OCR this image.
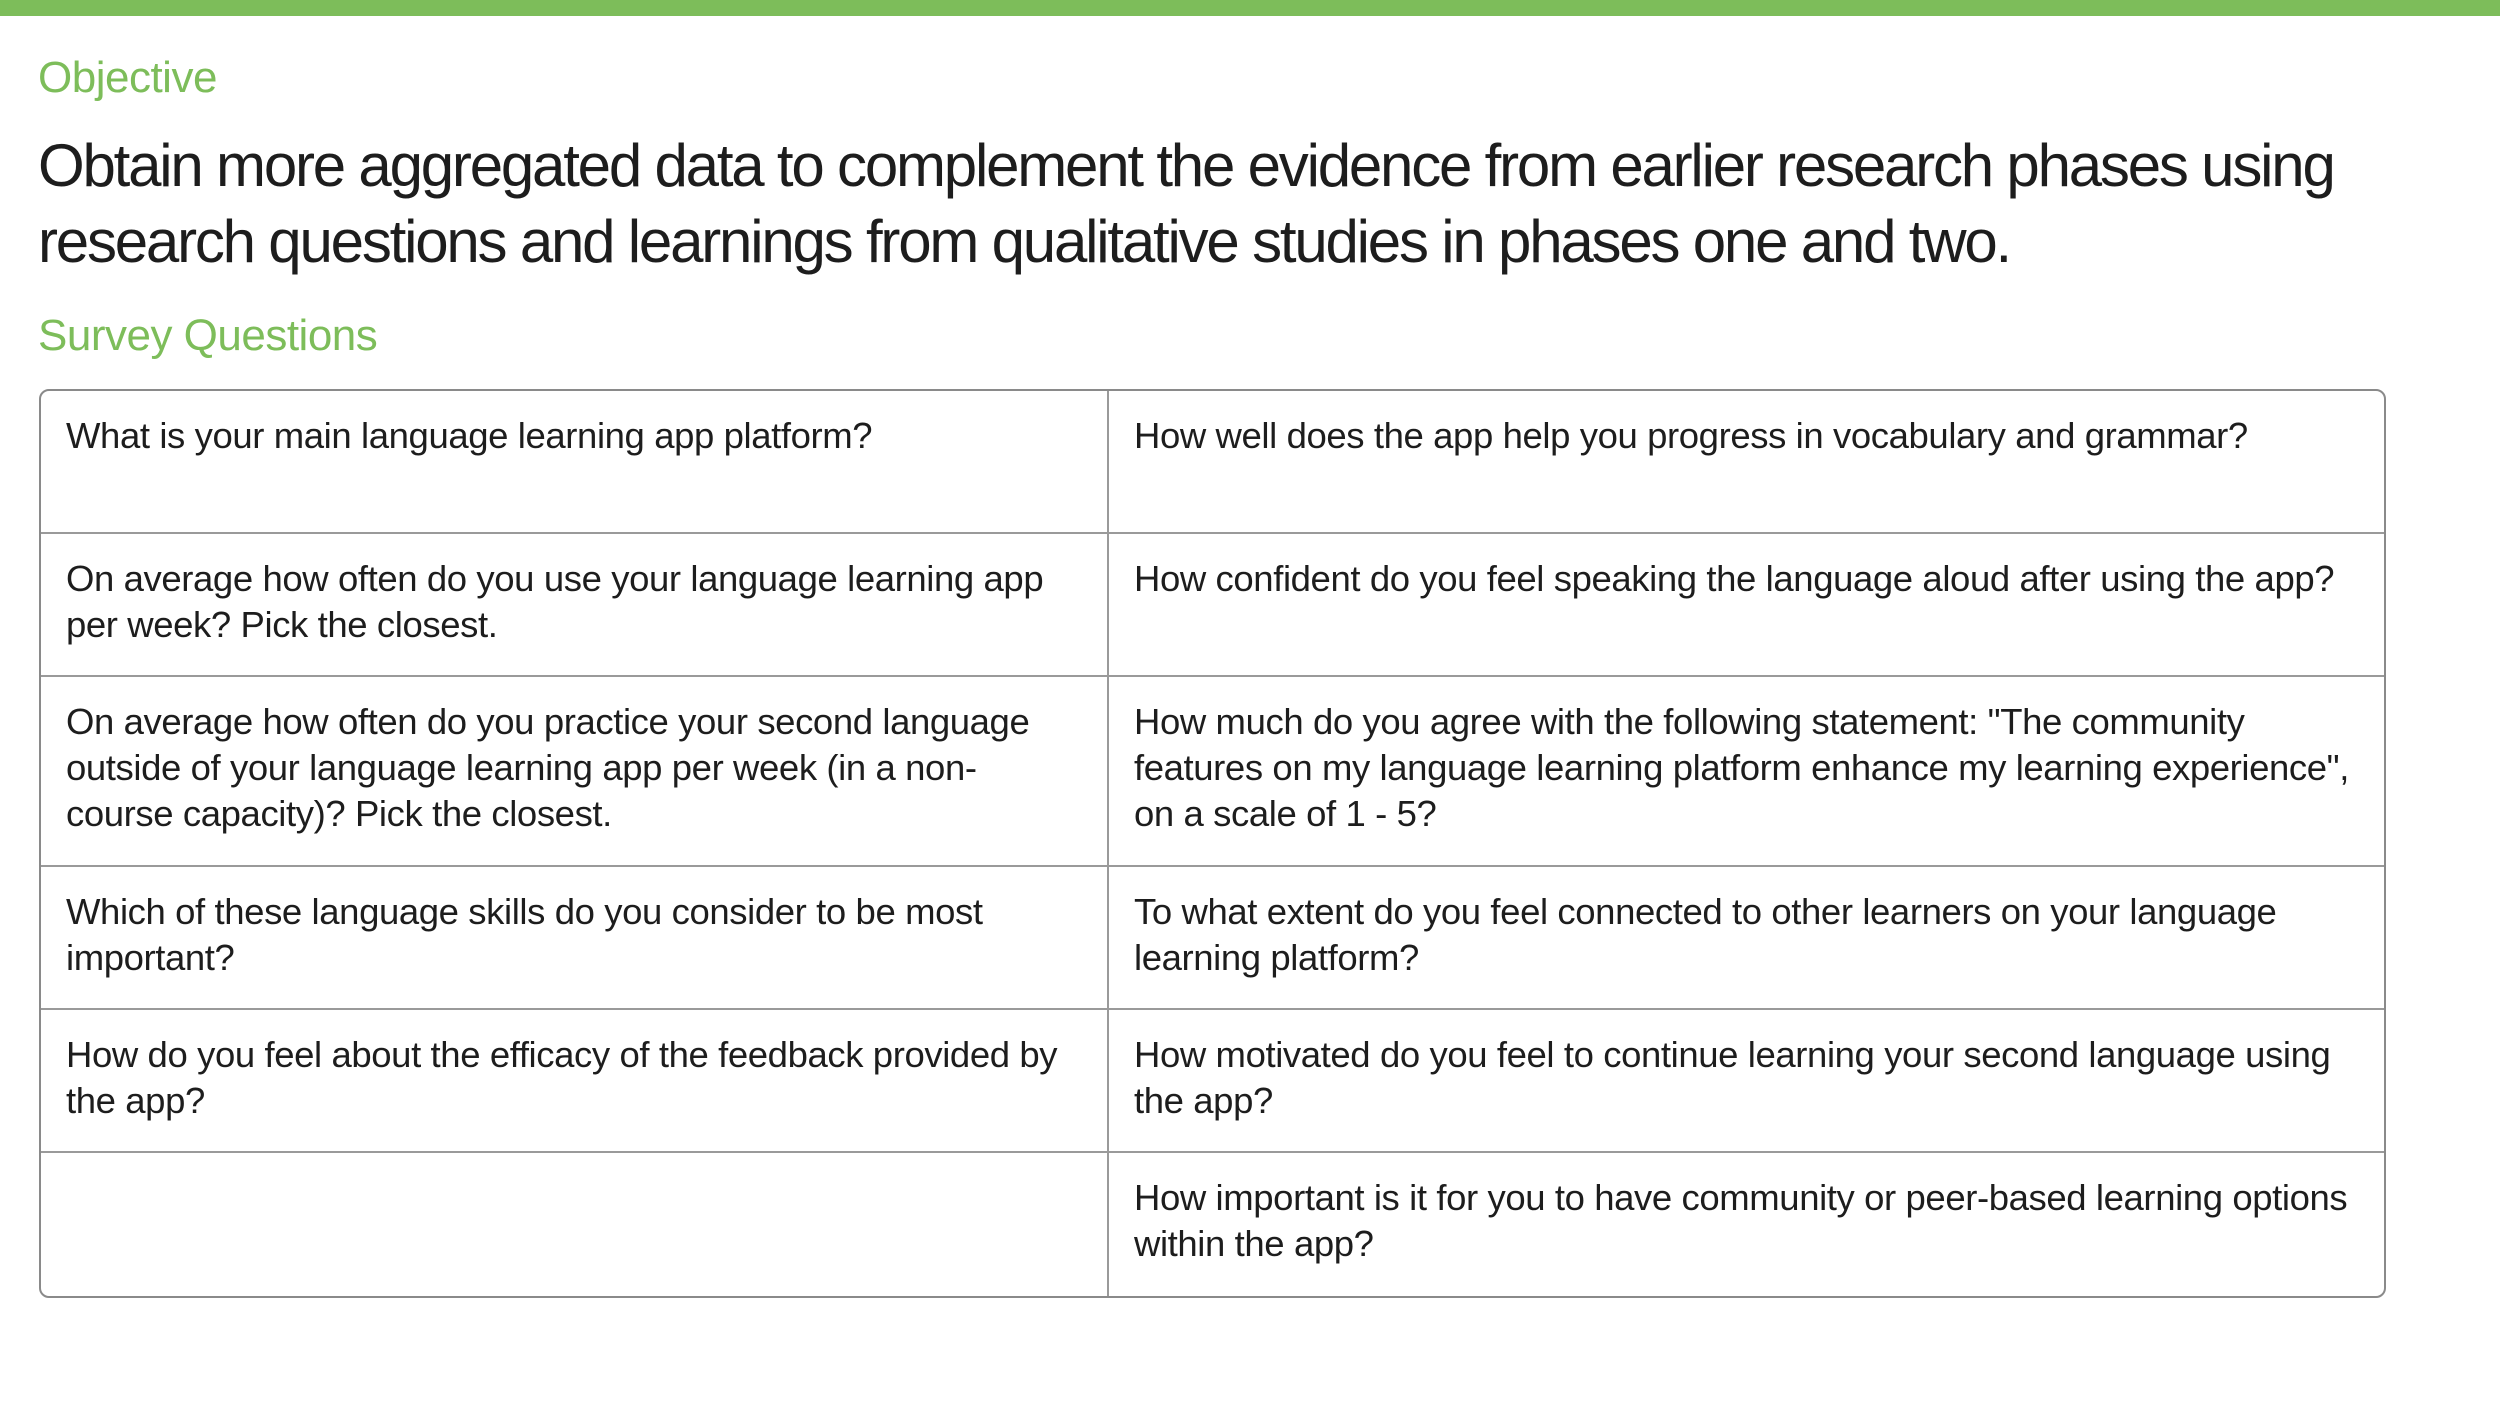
Objective
Obtain more aggregated data to complement the evidence from earlier research phases using research questions and learnings from qualitative studies in phases one and two.
Survey Questions
What is your main language learning app platform?	How well does the app help you progress in vocabulary and grammar?
On average how often do you use your language learning app per week? Pick the closest.
How confident do you feel speaking the language aloud after using the app?
On average how often do you practice your second language outside of your language learning app per week (in a non-course capacity)? Pick the closest.
How much do you agree with the following statement: "The community features on my language learning platform enhance my learning experience", on a scale of 1 - 5?
Which of these language skills do you consider to be most important?
To what extent do you feel connected to other learners on your language learning platform?
How do you feel about the efficacy of the feedback provided by the app?
How motivated do you feel to continue learning your second language using the app?
How important is it for you to have community or peer-based learning options within the app?
